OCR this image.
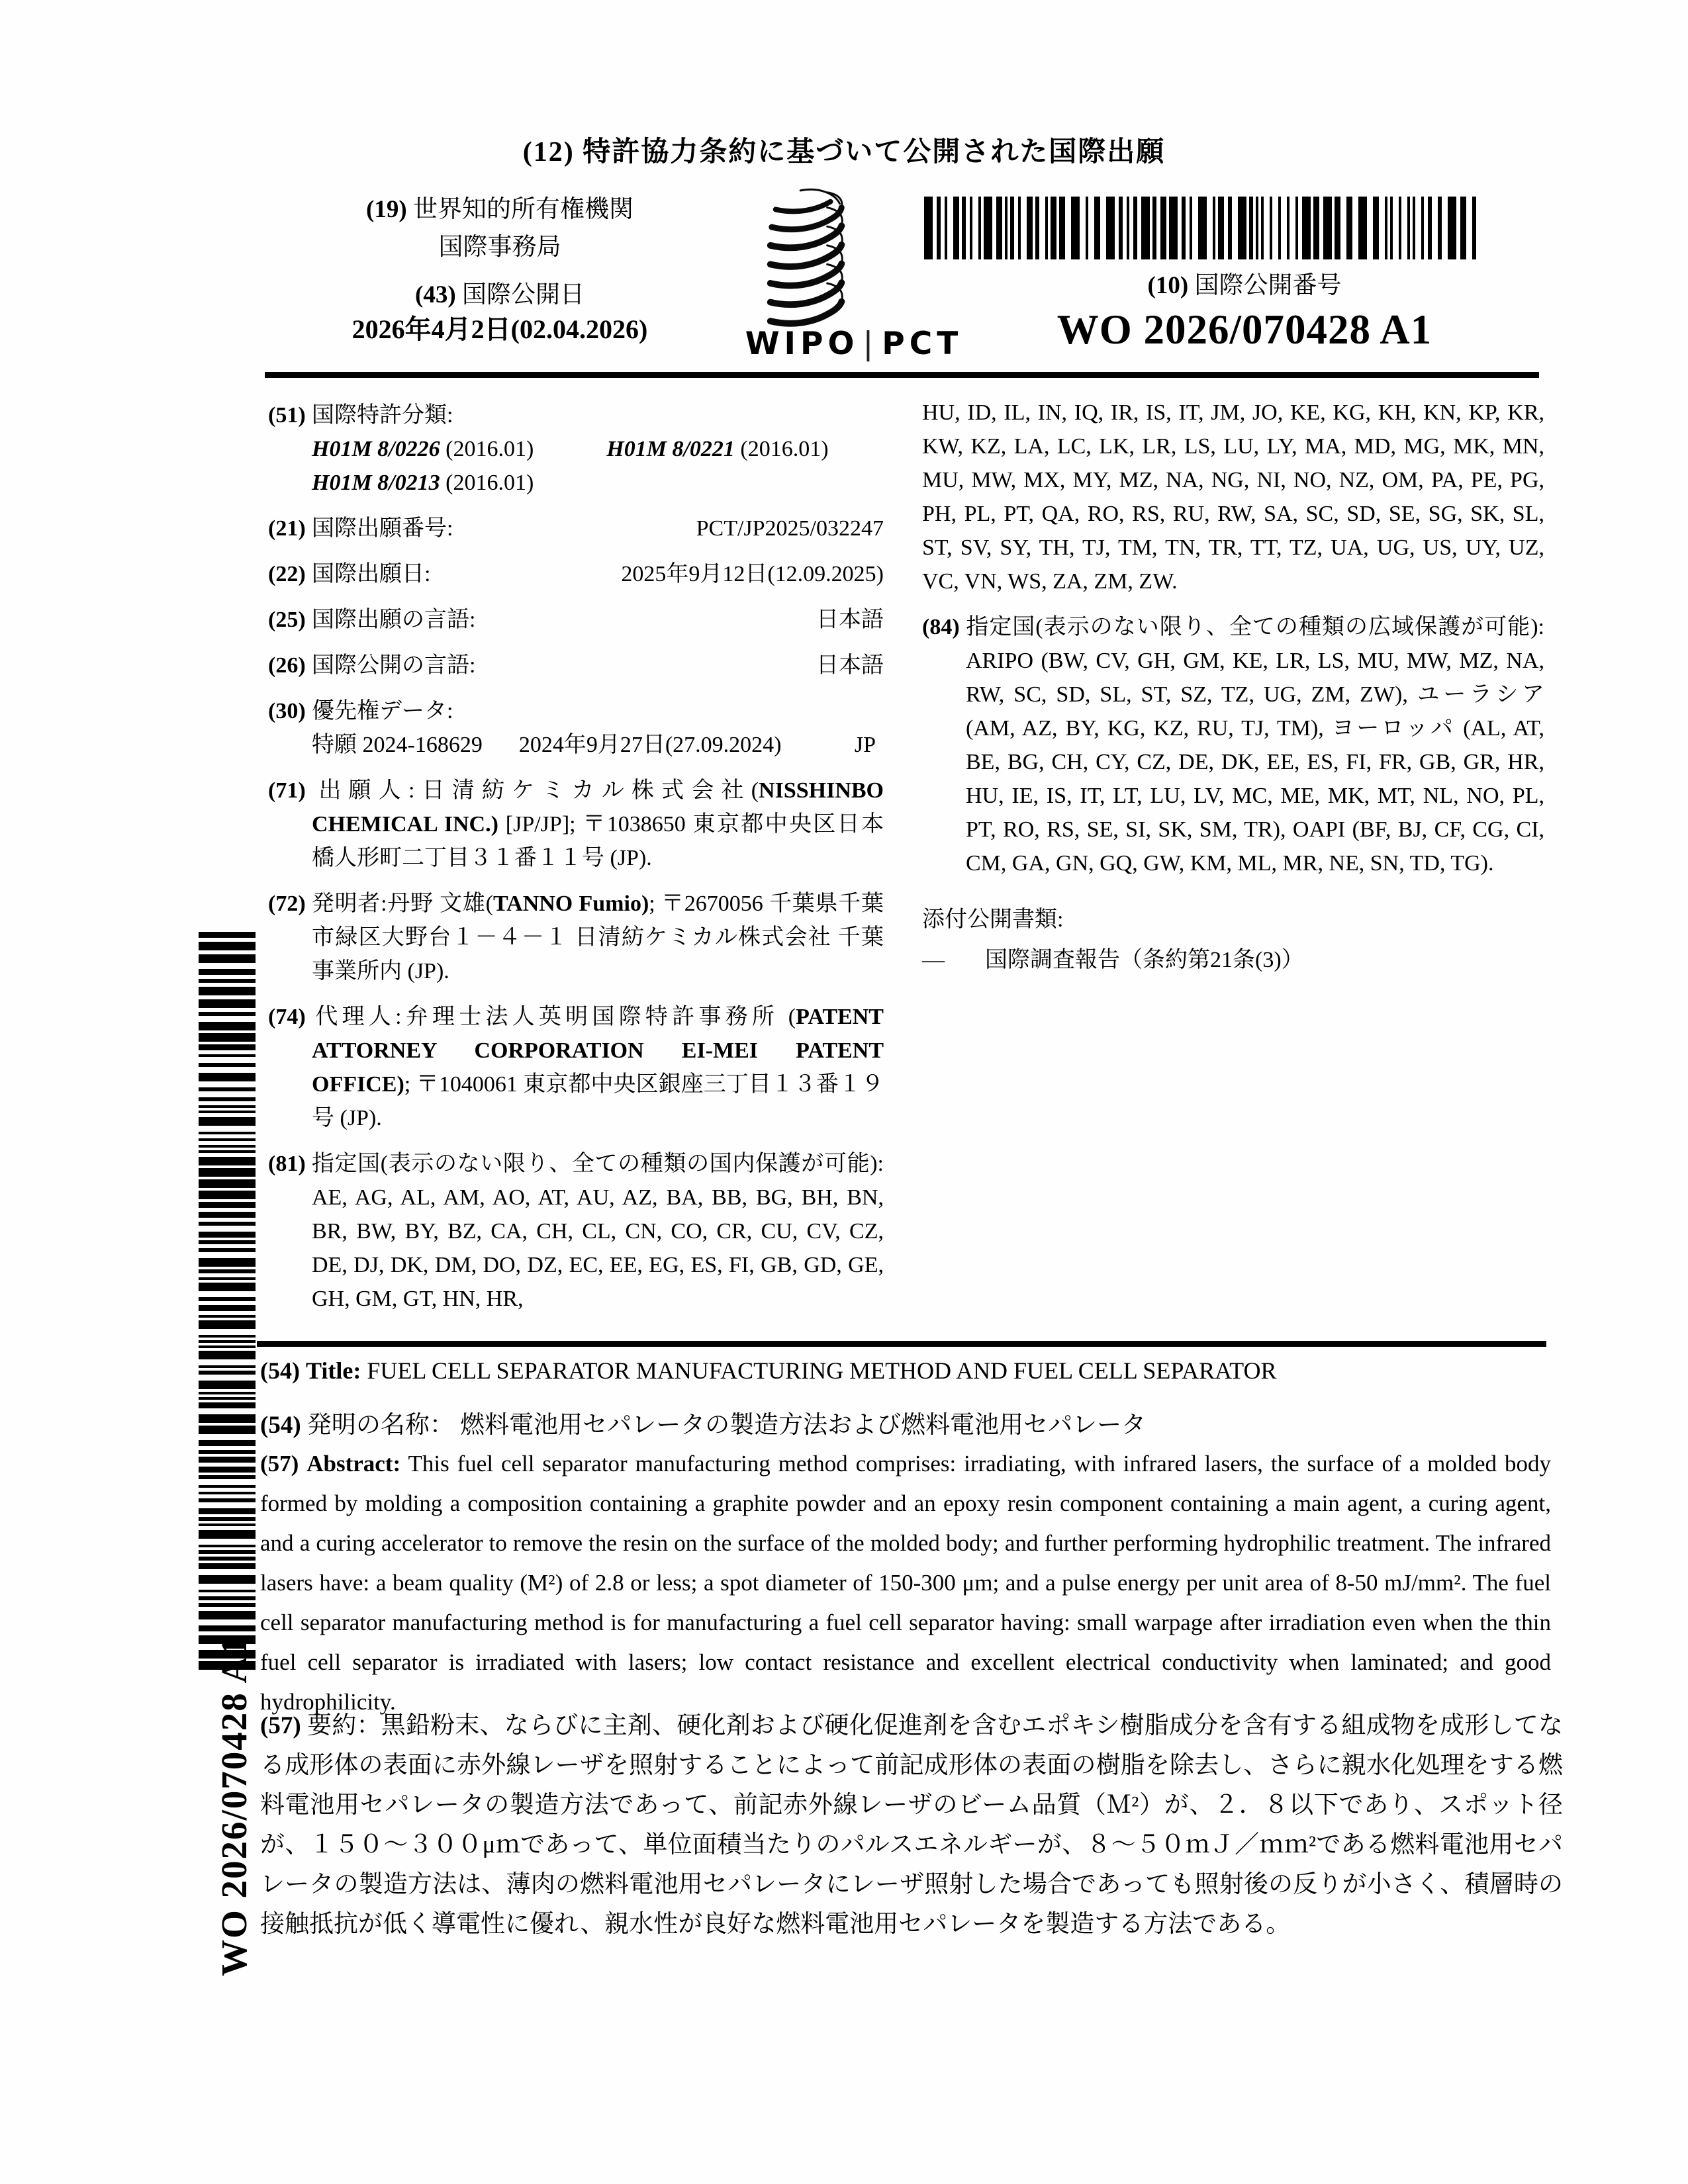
(12) 特許協力条約に基づいて公開された国際出願
(19) 世界知的所有権機関
国際事務局
(43) 国際公開日
2026年4月2日(02.04.2026)	WIPO | PCT
(10) 国際公開番号
WO 2026/070428 A1
(51) 国際特許分類:
H01M 8/0226 (2016.01)	H01M 8/0221 (2016.01)
H01M 8/0213 (2016.01)
(21) 国際出願番号:	PCT/JP2025/032247
(22) 国際出願日:	2025年9月12日(12.09.2025)
(25) 国際出願の言語:	日本語
(26) 国際公開の言語:	日本語
(30) 優先権データ:
特願 2024-168629 2024年9月27日(27.09.2024)	JP
(71) 出願人:日清紡ケミカル株式会社(NISSHINBO CHEMICAL INC.) [JP/JP]; 〒1038650 東京都中央区日本橋人形町二丁目３１番１１号 (JP).
(72) 発明者:丹野 文雄(TANNO Fumio); 〒2670056 千葉県千葉市緑区大野台１－４－１ 日清紡ケミカル株式会社 千葉事業所内 (JP).
(74) 代理人:弁理士法人英明国際特許事務所 (PATENT ATTORNEY CORPORATION EI-MEI PATENT OFFICE); 〒1040061 東京都中央区銀座三丁目１３番１９号 (JP).
(81) 指定国(表示のない限り、全ての種類の国内保護が可能): AE, AG, AL, AM, AO, AT, AU, AZ, BA, BB, BG, BH, BN, BR, BW, BY, BZ, CA, CH, CL, CN, CO, CR, CU, CV, CZ, DE, DJ, DK, DM, DO, DZ, EC, EE, EG, ES, FI, GB, GD, GE, GH, GM, GT, HN, HR,
HU, ID, IL, IN, IQ, IR, IS, IT, JM, JO, KE, KG, KH, KN, KP, KR, KW, KZ, LA, LC, LK, LR, LS, LU, LY, MA, MD, MG, MK, MN, MU, MW, MX, MY, MZ, NA, NG, NI, NO, NZ, OM, PA, PE, PG, PH, PL, PT, QA, RO, RS, RU, RW, SA, SC, SD, SE, SG, SK, SL, ST, SV, SY, TH, TJ, TM, TN, TR, TT, TZ, UA, UG, US, UY, UZ, VC, VN, WS, ZA, ZM, ZW.
(84) 指定国(表示のない限り、全ての種類の広域保護が可能): ARIPO (BW, CV, GH, GM, KE, LR, LS, MU, MW, MZ, NA, RW, SC, SD, SL, ST, SZ, TZ, UG, ZM, ZW), ユーラシア (AM, AZ, BY, KG, KZ, RU, TJ, TM), ヨーロッパ (AL, AT, BE, BG, CH, CY, CZ, DE, DK, EE, ES, FI, FR, GB, GR, HR, HU, IE, IS, IT, LT, LU, LV, MC, ME, MK, MT, NL, NO, PL, PT, RO, RS, SE, SI, SK, SM, TR), OAPI (BF, BJ, CF, CG, CI, CM, GA, GN, GQ, GW, KM, ML, MR, NE, SN, TD, TG).
添付公開書類:
—	国際調査報告（条約第21条(3)）
WO 2026/070428 A1
(54) Title: FUEL CELL SEPARATOR MANUFACTURING METHOD AND FUEL CELL SEPARATOR
(54) 発明の名称： 燃料電池用セパレータの製造方法および燃料電池用セパレータ
(57) Abstract: This fuel cell separator manufacturing method comprises: irradiating, with infrared lasers, the surface of a molded body formed by molding a composition containing a graphite powder and an epoxy resin component containing a main agent, a curing agent, and a curing accelerator to remove the resin on the surface of the molded body; and further performing hydrophilic treatment. The infrared lasers have: a beam quality (M²) of 2.8 or less; a spot diameter of 150-300 μm; and a pulse energy per unit area of 8-50 mJ/mm². The fuel cell separator manufacturing method is for manufacturing a fuel cell separator having: small warpage after irradiation even when the thin fuel cell separator is irradiated with lasers; low contact resistance and excellent electrical conductivity when laminated; and good hydrophilicity.
(57) 要約：黒鉛粉末、ならびに主剤、硬化剤および硬化促進剤を含むエポキシ樹脂成分を含有する組成物を成形してなる成形体の表面に赤外線レーザを照射することによって前記成形体の表面の樹脂を除去し、さらに親水化処理をする燃料電池用セパレータの製造方法であって、前記赤外線レーザのビーム品質（Ｍ²）が、２．８以下であり、スポット径が、１５０～３００μｍであって、単位面積当たりのパルスエネルギーが、８～５０ｍＪ／ｍｍ²である燃料電池用セパレータの製造方法は、薄肉の燃料電池用セパレータにレーザ照射した場合であっても照射後の反りが小さく、積層時の接触抵抗が低く導電性に優れ、親水性が良好な燃料電池用セパレータを製造する方法である。
